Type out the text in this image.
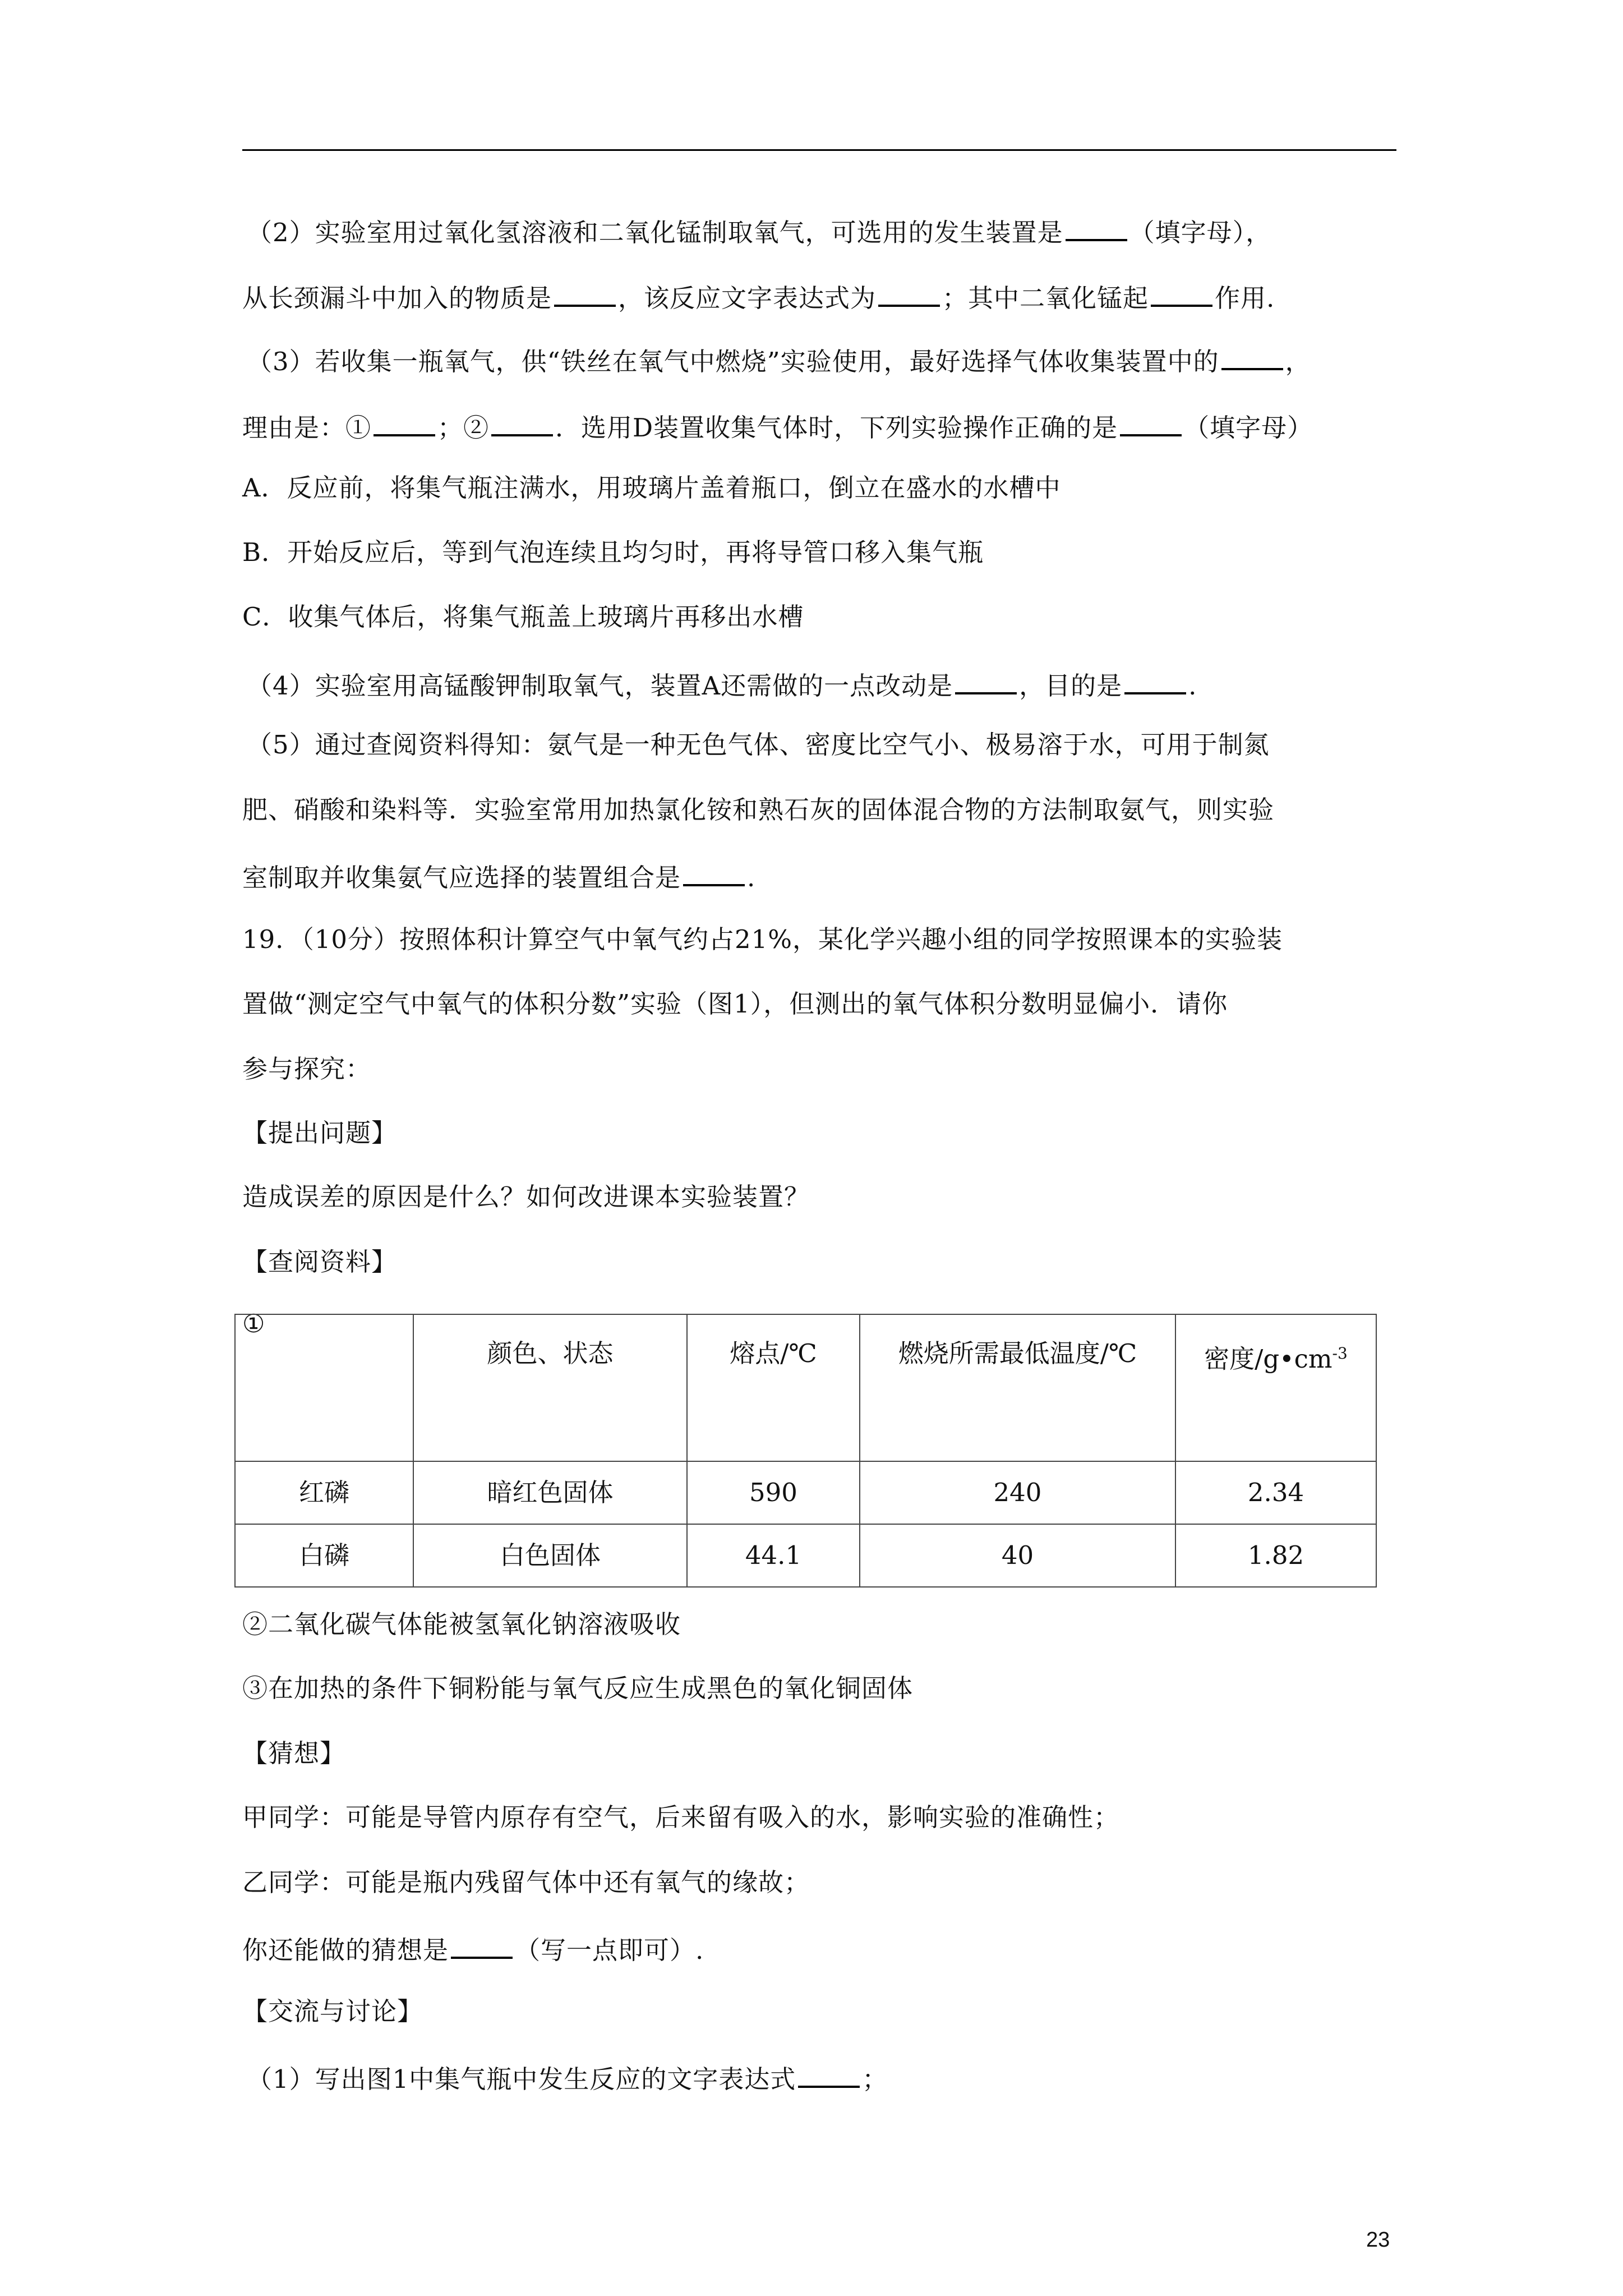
（2）实验室用过氧化氢溶液和二氧化锰制取氧气，可选用的发生装置是	（填字母），
从长颈漏斗中加入的物质是	，该反应文字表达式为	；其中二氧化锰起	作用.
（3）若收集一瓶氧气，供“铁丝在氧气中燃烧”实验使用，最好选择气体收集装置中的	，
理由是：①	；②	．选用D装置收集气体时，下列实验操作正确的是	（填字母）
A．反应前，将集气瓶注满水，用玻璃片盖着瓶口，倒立在盛水的水槽中
B．开始反应后，等到气泡连续且均匀时，再将导管口移入集气瓶
C．收集气体后，将集气瓶盖上玻璃片再移出水槽
（4）实验室用高锰酸钾制取氧气，装置A还需做的一点改动是	，目的是	.
（5）通过查阅资料得知：氨气是一种无色气体、密度比空气小、极易溶于水，可用于制氮
肥、硝酸和染料等．实验室常用加热氯化铵和熟石灰的固体混合物的方法制取氨气，则实验
室制取并收集氨气应选择的装置组合是	.
19．（10分）按照体积计算空气中氧气约占21%，某化学兴趣小组的同学按照课本的实验装
置做“测定空气中氧气的体积分数”实验（图1），但测出的氧气体积分数明显偏小．请你
参与探究：
【提出问题】
造成误差的原因是什么？如何改进课本实验装置？
【查阅资料】
①
②二氧化碳气体能被氢氧化钠溶液吸收
③在加热的条件下铜粉能与氧气反应生成黑色的氧化铜固体
【猜想】
甲同学：可能是导管内原存有空气，后来留有吸入的水，影响实验的准确性；
乙同学：可能是瓶内残留气体中还有氧气的缘故；
你还能做的猜想是	（写一点即可）.
【交流与讨论】
（1）写出图1中集气瓶中发生反应的文字表达式	；
	颜色、状态	熔点/℃	燃烧所需最低温度/℃	密度$/g•cm^{-3}$
红磷	暗红色固体	590	240	2.34
白磷	白色固体	44.1	40	1.82
23
